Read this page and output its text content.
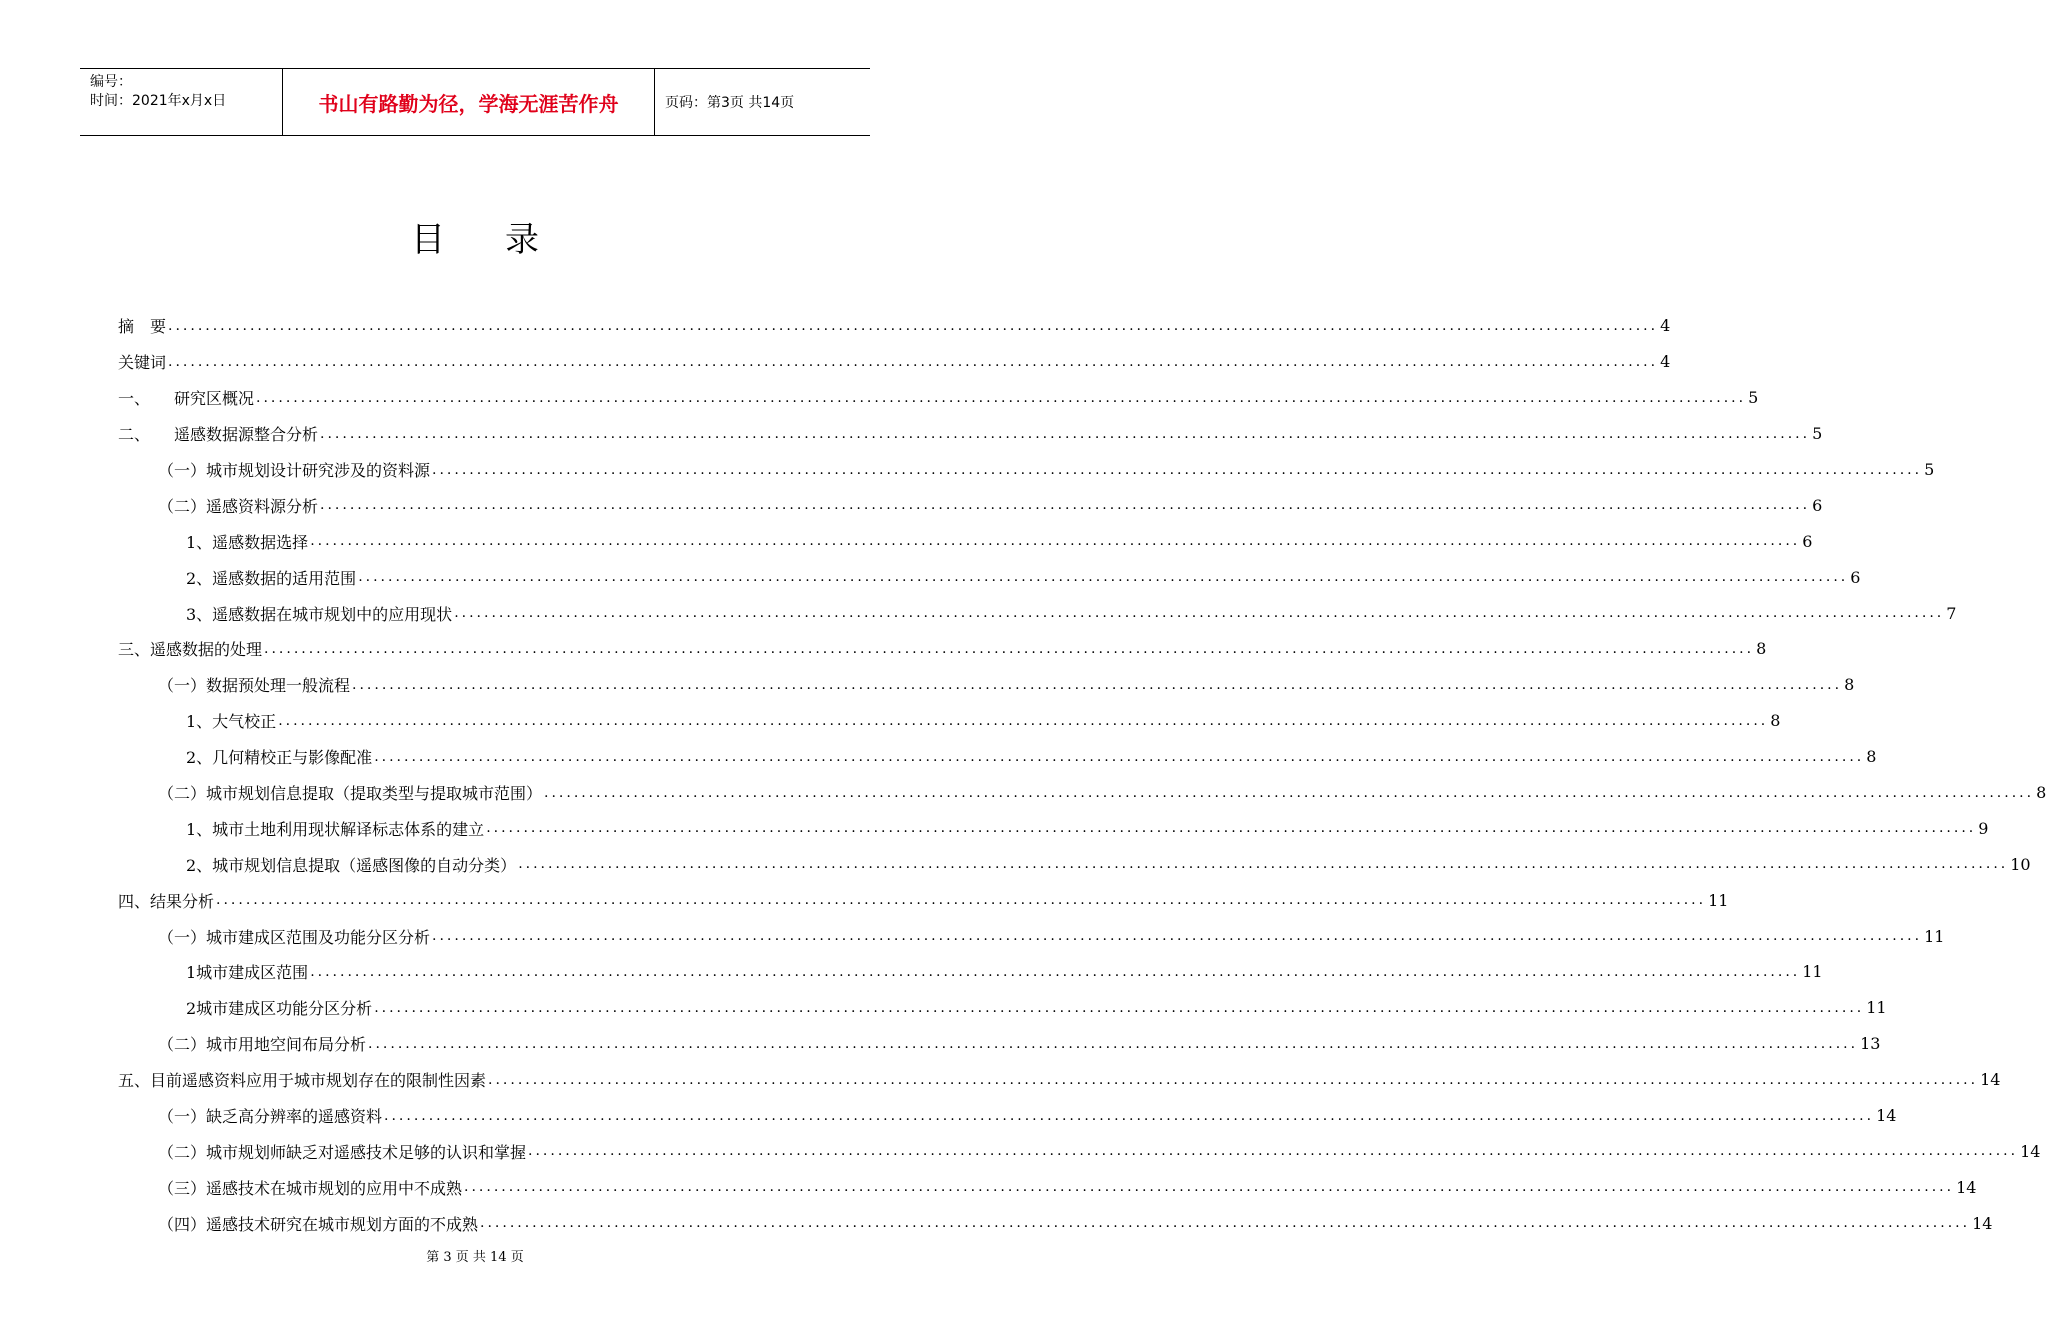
编号：
时间：2021年x月x日	书山有路勤为径，学海无涯苦作舟	页码：第3页 共14页
目录
摘　要 ........................................................................................................................................................................................................ 4
关键词 ........................................................................................................................................................................................................ 4
一、　　研究区概况 ........................................................................................................................................................................................................ 5
二、　　遥感数据源整合分析 ........................................................................................................................................................................................................ 5
（一）城市规划设计研究涉及的资料源 ........................................................................................................................................................................................................ 5
（二）遥感资料源分析 ........................................................................................................................................................................................................ 6
1、遥感数据选择 ........................................................................................................................................................................................................ 6
2、遥感数据的适用范围 ........................................................................................................................................................................................................ 6
3、遥感数据在城市规划中的应用现状 ........................................................................................................................................................................................................ 7
三、遥感数据的处理 ........................................................................................................................................................................................................ 8
（一）数据预处理一般流程 ........................................................................................................................................................................................................ 8
1、大气校正 ........................................................................................................................................................................................................ 8
2、几何精校正与影像配准 ........................................................................................................................................................................................................ 8
（二）城市规划信息提取（提取类型与提取城市范围） ........................................................................................................................................................................................................ 8
1、城市土地利用现状解译标志体系的建立 ........................................................................................................................................................................................................ 9
2、城市规划信息提取（遥感图像的自动分类） ........................................................................................................................................................................................................ 10
四、结果分析 ........................................................................................................................................................................................................ 11
（一）城市建成区范围及功能分区分析 ........................................................................................................................................................................................................ 11
1城市建成区范围 ........................................................................................................................................................................................................ 11
2城市建成区功能分区分析 ........................................................................................................................................................................................................ 11
（二）城市用地空间布局分析 ........................................................................................................................................................................................................ 13
五、目前遥感资料应用于城市规划存在的限制性因素 ........................................................................................................................................................................................................ 14
（一）缺乏高分辨率的遥感资料 ........................................................................................................................................................................................................ 14
（二）城市规划师缺乏对遥感技术足够的认识和掌握 ........................................................................................................................................................................................................ 14
（三）遥感技术在城市规划的应用中不成熟 ........................................................................................................................................................................................................ 14
（四）遥感技术研究在城市规划方面的不成熟 ........................................................................................................................................................................................................ 14
第 3 页 共 14 页
